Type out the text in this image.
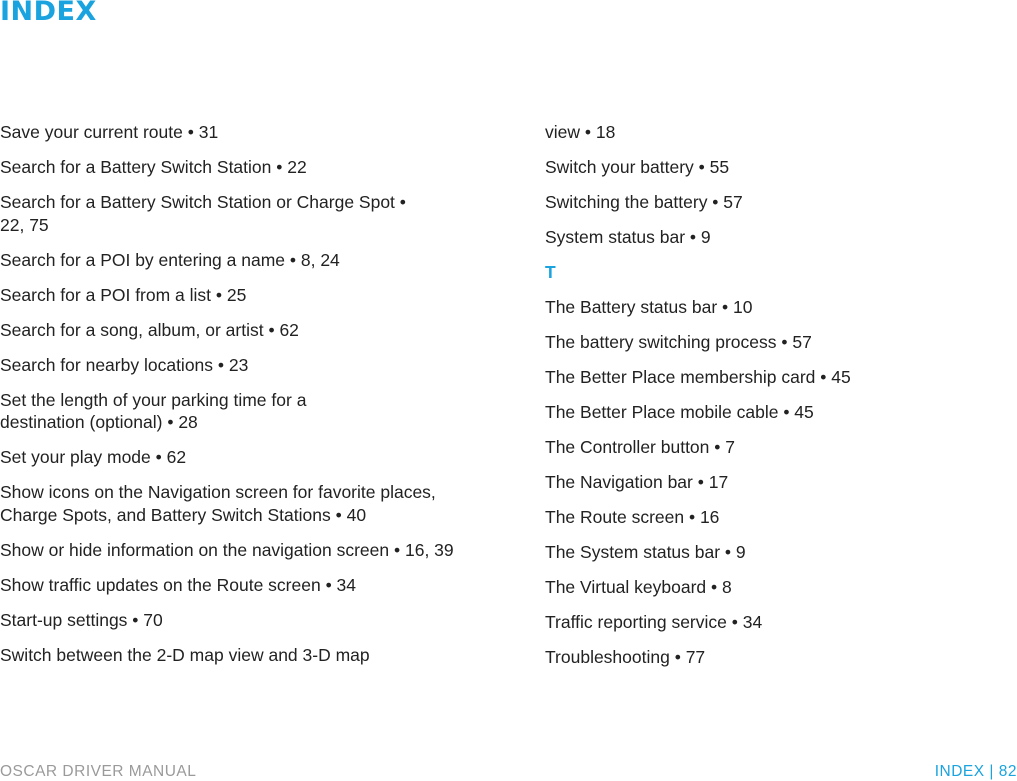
INDEX

Save your current route • 31

Search for a Battery Switch Station • 22

Search for a Battery Switch Station or Charge Spot • 22, 75

Search for a POI by entering a name • 8, 24

Search for a POI from a list • 25

Search for a song, album, or artist • 62

Search for nearby locations • 23

Set the length of your parking time for a destination (optional) • 28

Set your play mode • 62

Show icons on the Navigation screen for favorite places, Charge Spots, and Battery Switch Stations • 40

Show or hide information on the navigation screen • 16, 39

Show traffic updates on the Route screen • 34

Start-up settings • 70

Switch between the 2-D map view and 3-D map

view • 18

Switch your battery • 55

Switching the battery • 57

System status bar • 9

T

The Battery status bar • 10

The battery switching process • 57

The Better Place membership card • 45

The Better Place mobile cable • 45

The Controller button • 7

The Navigation bar • 17

The Route screen • 16

The System status bar • 9

The Virtual keyboard • 8

Traffic reporting service • 34

Troubleshooting • 77

OSCAR DRIVER MANUAL	INDEX | 82
